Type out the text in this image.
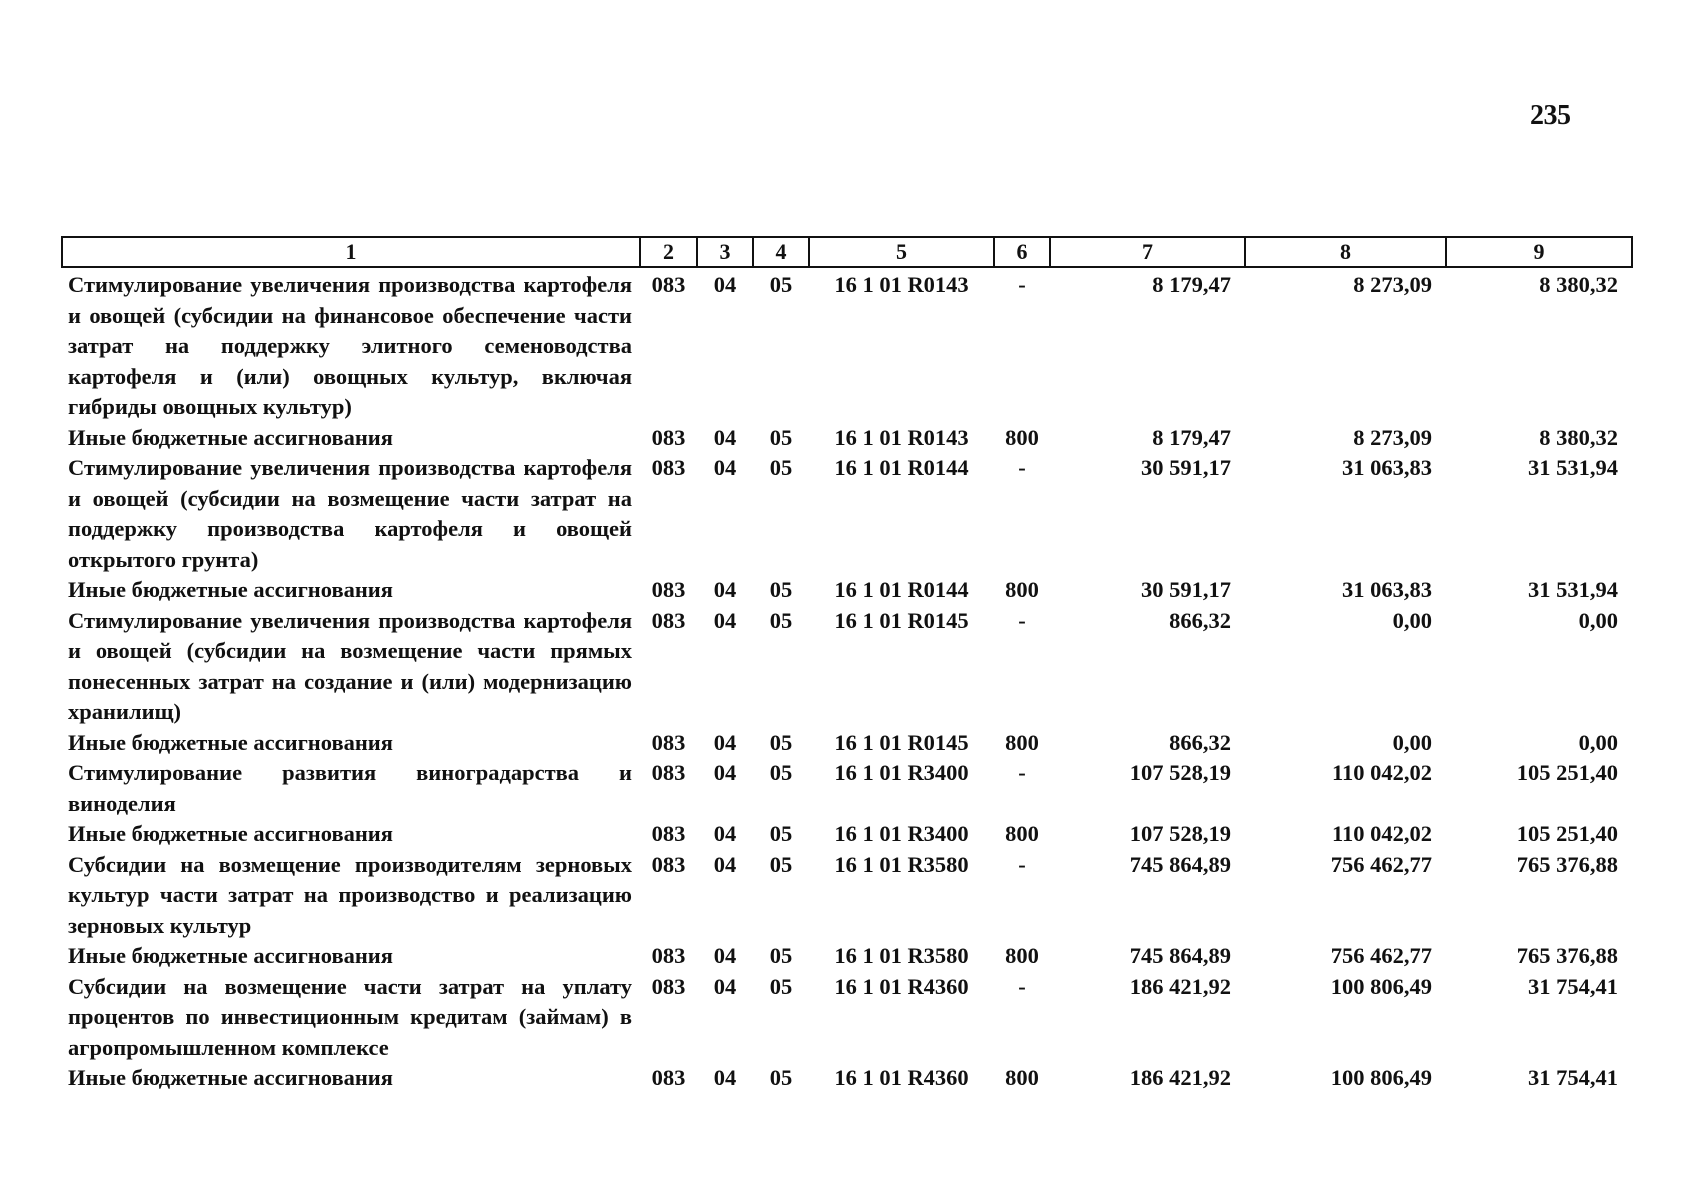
235
1	2	3	4	5	6	7	8	9
Стимулирование увеличения производства картофеля и овощей (субсидии на финансовое обеспечение части затрат на поддержку элитного семеноводства картофеля и (или) овощных культур, включая гибриды овощных культур)	083	04	05	16 1 01 R0143	-	8 179,47	8 273,09	8 380,32
Иные бюджетные ассигнования	083	04	05	16 1 01 R0143	800	8 179,47	8 273,09	8 380,32
Стимулирование увеличения производства картофеля и овощей (субсидии на возмещение части затрат на поддержку производства картофеля и овощей открытого грунта)	083	04	05	16 1 01 R0144	-	30 591,17	31 063,83	31 531,94
Иные бюджетные ассигнования	083	04	05	16 1 01 R0144	800	30 591,17	31 063,83	31 531,94
Стимулирование увеличения производства картофеля и овощей (субсидии на возмещение части прямых понесенных затрат на создание и (или) модернизацию хранилищ)	083	04	05	16 1 01 R0145	-	866,32	0,00	0,00
Иные бюджетные ассигнования	083	04	05	16 1 01 R0145	800	866,32	0,00	0,00
Стимулирование развития виноградарства и виноделия	083	04	05	16 1 01 R3400	-	107 528,19	110 042,02	105 251,40
Иные бюджетные ассигнования	083	04	05	16 1 01 R3400	800	107 528,19	110 042,02	105 251,40
Субсидии на возмещение производителям зерновых культур части затрат на производство и реализацию зерновых культур	083	04	05	16 1 01 R3580	-	745 864,89	756 462,77	765 376,88
Иные бюджетные ассигнования	083	04	05	16 1 01 R3580	800	745 864,89	756 462,77	765 376,88
Субсидии на возмещение части затрат на уплату процентов по инвестиционным кредитам (займам) в агропромышленном комплексе	083	04	05	16 1 01 R4360	-	186 421,92	100 806,49	31 754,41
Иные бюджетные ассигнования	083	04	05	16 1 01 R4360	800	186 421,92	100 806,49	31 754,41
